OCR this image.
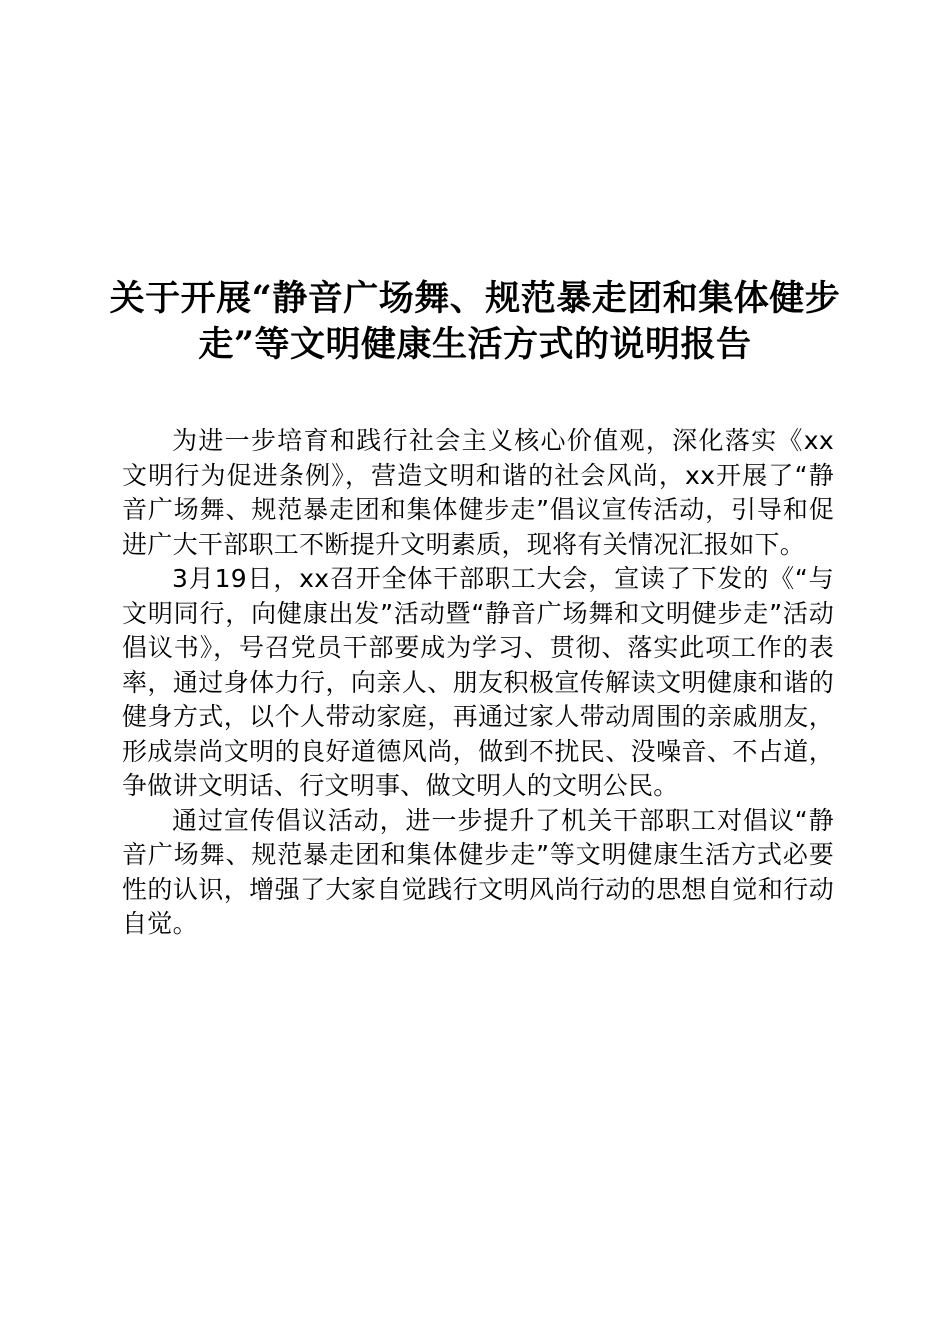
关于开展“静音广场舞、规范暴走团和集体健步
走”等文明健康生活方式的说明报告

为进一步培育和践行社会主义核心价值观，深化落实《xx文明行为促进条例》，营造文明和谐的社会风尚，xx开展了“静音广场舞、规范暴走团和集体健步走”倡议宣传活动，引导和促进广大干部职工不断提升文明素质，现将有关情况汇报如下。

3月19日，xx召开全体干部职工大会，宣读了下发的《“与文明同行，向健康出发”活动暨“静音广场舞和文明健步走”活动倡议书》，号召党员干部要成为学习、贯彻、落实此项工作的表率，通过身体力行，向亲人、朋友积极宣传解读文明健康和谐的健身方式，以个人带动家庭，再通过家人带动周围的亲戚朋友， 形成崇尚文明的良好道德风尚，做到不扰民、没噪音、不占道，争做讲文明话、行文明事、做文明人的文明公民。

通过宣传倡议活动，进一步提升了机关干部职工对倡议“静音广场舞、规范暴走团和集体健步走”等文明健康生活方式必要性的认识，增强了大家自觉践行文明风尚行动的思想自觉和行动自觉。
